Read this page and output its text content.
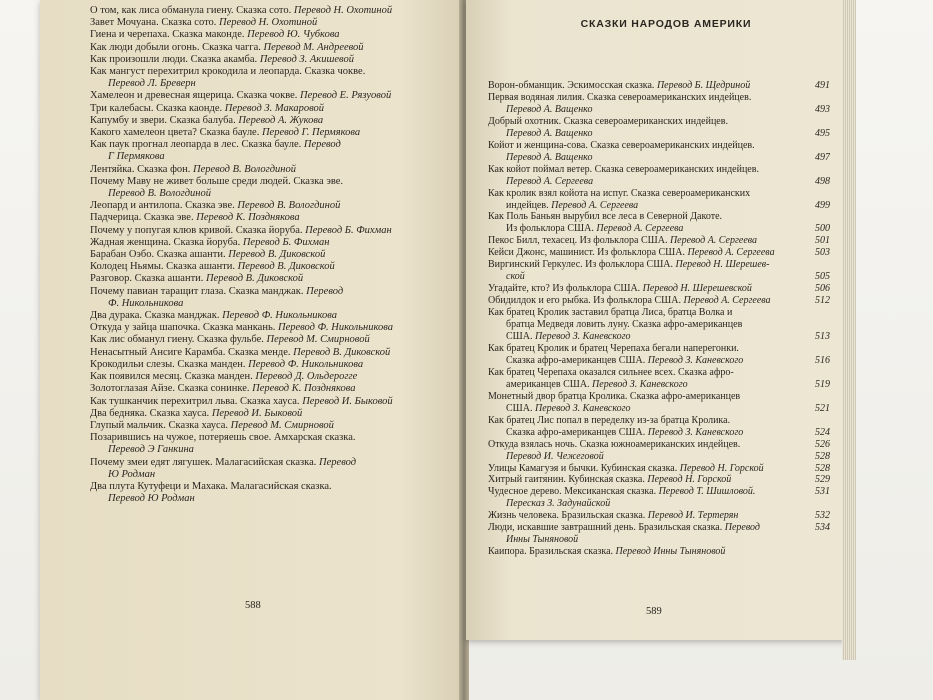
О том, как лиса обманула гиену. Сказка сото. Перевод Н. Охотиной
Завет Мочуана. Сказка сото. Перевод Н. Охотиной
Гиена и черепаха. Сказка маконде. Перевод Ю. Чубкова
Как люди добыли огонь. Сказка чагга. Перевод М. Андреевой
Как произошли люди. Сказка акамба. Перевод З. Акишевой
Как мангуст перехитрил крокодила и леопарда. Сказка чокве.
Перевод Л. Бреверн
Хамелеон и древесная ящерица. Сказка чокве. Перевод Е. Рязуовой
Три калебасы. Сказка каонде. Перевод З. Макаровой
Капумбу и звери. Сказка балуба. Перевод А. Жукова
Какого хамелеон цвета? Сказка бауле. Перевод Г. Пермякова
Как паук прогнал леопарда в лес. Сказка бауле. Перевод
Г Пермякова
Лентяйка. Сказка фон. Перевод В. Вологдиной
Почему Маву не живет больше среди людей. Сказка эве.
Перевод В. Вологдиной
Леопард и антилопа. Сказка эве. Перевод В. Вологдиной
Падчерица. Сказка эве. Перевод К. Позднякова
Почему у попугая клюв кривой. Сказка йоруба. Перевод Б. Фихман
Жадная женщина. Сказка йоруба. Перевод Б. Фихман
Барабан Оэбо. Сказка ашанти. Перевод В. Диковской
Колодец Ньямы. Сказка ашанти. Перевод В. Диковской
Разговор. Сказка ашанти. Перевод В. Диковской
Почему павиан таращит глаза. Сказка манджак. Перевод
Ф. Никольникова
Два дурака. Сказка манджак. Перевод Ф. Никольникова
Откуда у зайца шапочка. Сказка манкань. Перевод Ф. Никольникова
Как лис обманул гиену. Сказка фульбе. Перевод М. Смирновой
Ненасытный Ансиге Карамба. Сказка менде. Перевод В. Диковской
Крокодильи слезы. Сказка манден. Перевод Ф. Никольникова
Как появился месяц. Сказка манден. Перевод Д. Ольдерогге
Золотоглазая Айзе. Сказка сонинке. Перевод К. Позднякова
Как тушканчик перехитрил льва. Сказка хауса. Перевод И. Быковой
Два бедняка. Сказка хауса. Перевод И. Быковой
Глупый мальчик. Сказка хауса. Перевод М. Смирновой
Позарившись на чужое, потеряешь свое. Амхарская сказка.
Перевод Э Ганкина
Почему змеи едят лягушек. Малагасийская сказка. Перевод
Ю Родман
Два плута Кутуфеци и Махака. Малагасийская сказка.
Перевод Ю Родман
588
СКАЗКИ НАРОДОВ АМЕРИКИ
Ворон-обманщик. Эскимосская сказка. Перевод Б. Щедриной	491
Первая водяная лилия. Сказка североамериканских индейцев.
Перевод А. Ващенко	493
Добрый охотник. Сказка североамериканских индейцев.
Перевод А. Ващенко	495
Койот и женщина-сова. Сказка североамериканских индейцев.
Перевод А. Ващенко	497
Как койот поймал ветер. Сказка североамериканских индейцев.
Перевод А. Сергеева	498
Как кролик взял койота на испуг. Сказка североамериканских
индейцев. Перевод А. Сергеева	499
Как Поль Баньян вырубил все леса в Северной Дакоте.
Из фольклора США. Перевод А. Сергеева	500
Пекос Билл, техасец. Из фольклора США. Перевод А. Сергеева	501
Кейси Джонс, машинист. Из фольклора США. Перевод А. Сергеева	503
Виргинский Геркулес. Из фольклора США. Перевод Н. Шерешев-
ской	505
Угадайте, кто? Из фольклора США. Перевод Н. Шерешевской	506
Обидилдок и его рыбка. Из фольклора США. Перевод А. Сергеева	512
Как братец Кролик заставил братца Лиса, братца Волка и
братца Медведя ловить луну. Сказка афро-американцев
США. Перевод З. Каневского	513
Как братец Кролик и братец Черепаха бегали наперегонки.
Сказка афро-американцев США. Перевод З. Каневского	516
Как братец Черепаха оказался сильнее всех. Сказка афро-
американцев США. Перевод З. Каневского	519
Монетный двор братца Кролика. Сказка афро-американцев
США. Перевод З. Каневского	521
Как братец Лис попал в переделку из-за братца Кролика.
Сказка афро-американцев США. Перевод З. Каневского	524
Откуда взялась ночь. Сказка южноамериканских индейцев.	526
Перевод И. Чежеговой	528
Улицы Камагуэя и бычки. Кубинская сказка. Перевод Н. Горской	528
Хитрый гаитянин. Кубинская сказка. Перевод Н. Горской	529
Чудесное дерево. Мексиканская сказка. Перевод Т. Шишловой.	531
Пересказ З. Задунайской
Жизнь человека. Бразильская сказка. Перевод И. Тертерян	532
Люди, искавшие завтрашний день. Бразильская сказка. Перевод	534
Инны Тыняновой
Каипора. Бразильская сказка. Перевод Инны Тыняновой
589
